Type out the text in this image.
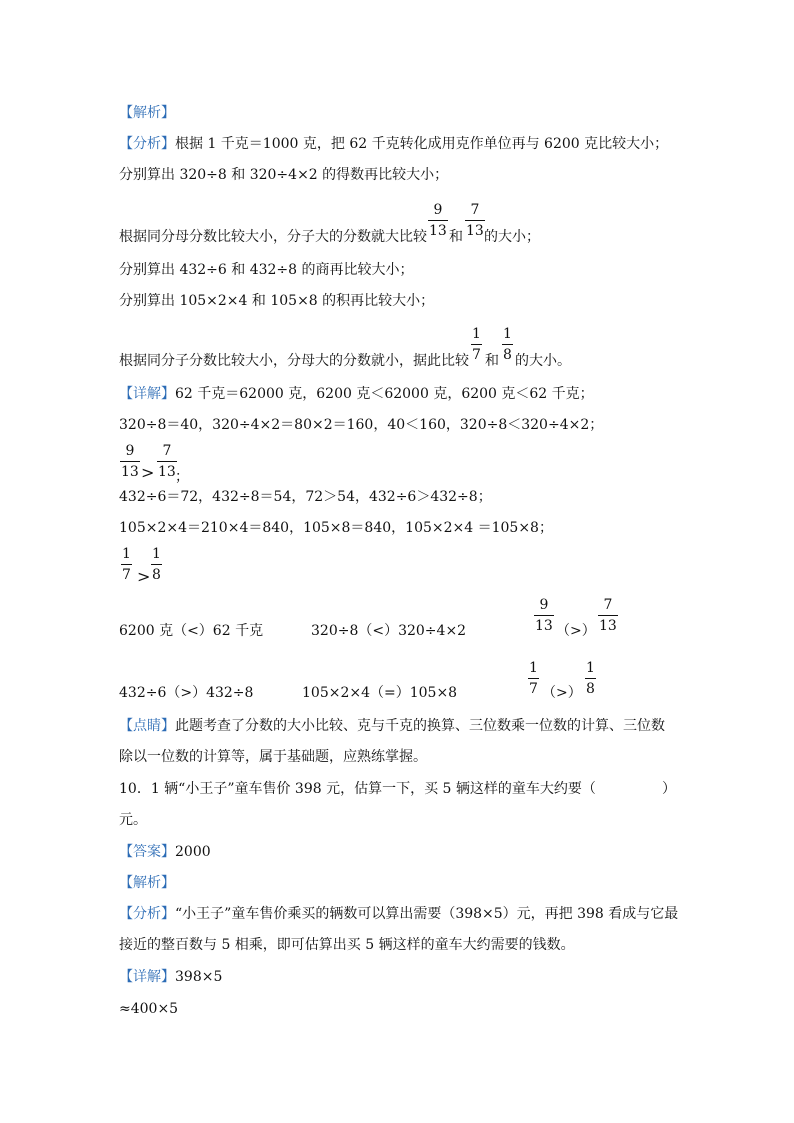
【解析】
【分析】根据 1 千克＝1000 克，把 62 千克转化成用克作单位再与 6200 克比较大小；
分别算出 320÷8 和 320÷4×2 的得数再比较大小；
根据同分母分数比较大小，分子大的分数就大比较
9
13 和
7
13 的大小；
分别算出 432÷6 和 432÷8 的商再比较大小；
分别算出 105×2×4 和 105×8 的积再比较大小；
根据同分子分数比较大小，分母大的分数就小，据此比较
1
7 和
1
8 的大小。
【详解】62 千克＝62000 克，6200 克＜62000 克，6200 克＜62 千克；
320÷8＝40，320÷4×2＝80×2＝160，40＜160，320÷8＜320÷4×2；
9
13 >
7
13 ；
432÷6＝72，432÷8＝54，72＞54，432÷6＞432÷8；
105×2×4＝210×4＝840，105×8＝840，105×2×4 ＝105×8；
1
7 >
1
8
6200 克（<）62 千克	320÷8（<）320÷4×2
9
13 （>）
7
13
432÷6（>）432÷8	105×2×4（=）105×8
1
7 （>）
1
8
【点睛】此题考查了分数的大小比较、克与千克的换算、三位数乘一位数的计算、三位数
除以一位数的计算等，属于基础题，应熟练掌握。
10．1 辆“小王子”童车售价 398 元，估算一下，买 5 辆这样的童车大约要（	）
元。
【答案】2000
【解析】
【分析】“小王子”童车售价乘买的辆数可以算出需要（398×5）元，再把 398 看成与它最
接近的整百数与 5 相乘，即可估算出买 5 辆这样的童车大约需要的钱数。
【详解】398×5
≈400×5
